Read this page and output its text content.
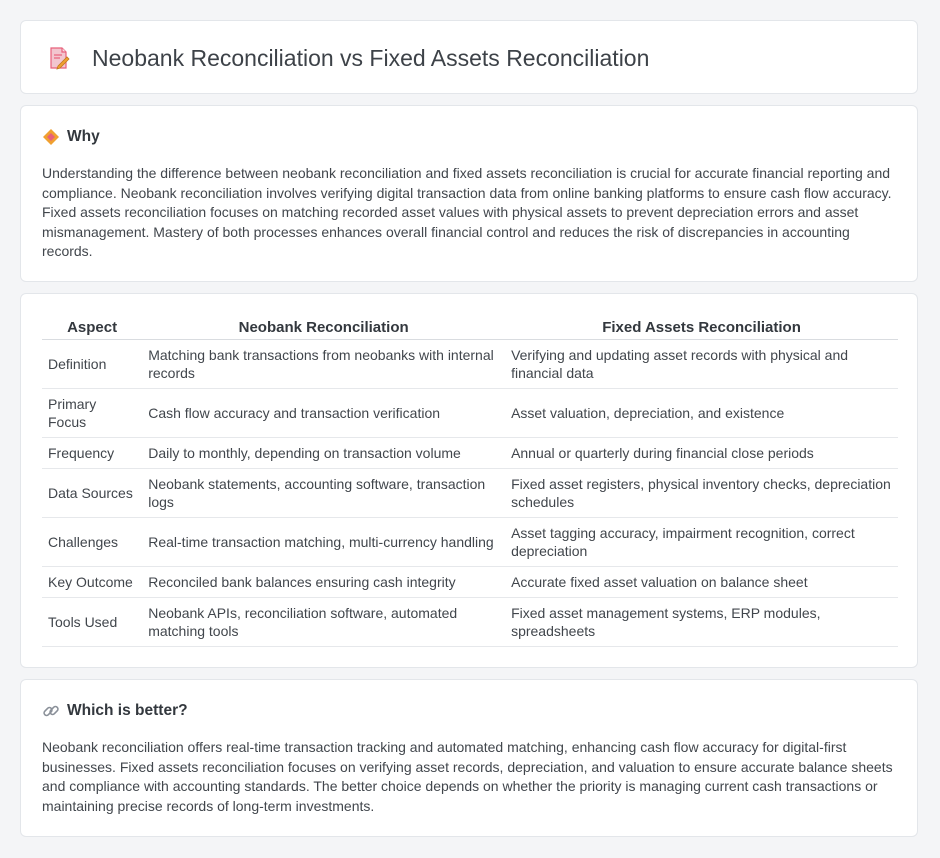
Neobank Reconciliation vs Fixed Assets Reconciliation
Why

Understanding the difference between neobank reconciliation and fixed assets reconciliation is crucial for accurate financial reporting and compliance. Neobank reconciliation involves verifying digital transaction data from online banking platforms to ensure cash flow accuracy. Fixed assets reconciliation focuses on matching recorded asset values with physical assets to prevent depreciation errors and asset mismanagement. Mastery of both processes enhances overall financial control and reduces the risk of discrepancies in accounting records.

Aspect	Neobank Reconciliation	Fixed Assets Reconciliation
Definition	Matching bank transactions from neobanks with internal records	Verifying and updating asset records with physical and financial data
Primary Focus	Cash flow accuracy and transaction verification	Asset valuation, depreciation, and existence
Frequency	Daily to monthly, depending on transaction volume	Annual or quarterly during financial close periods
Data Sources	Neobank statements, accounting software, transaction logs	Fixed asset registers, physical inventory checks, depreciation schedules
Challenges	Real-time transaction matching, multi-currency handling	Asset tagging accuracy, impairment recognition, correct depreciation
Key Outcome	Reconciled bank balances ensuring cash integrity	Accurate fixed asset valuation on balance sheet
Tools Used	Neobank APIs, reconciliation software, automated matching tools	Fixed asset management systems, ERP modules, spreadsheets
Which is better?

Neobank reconciliation offers real-time transaction tracking and automated matching, enhancing cash flow accuracy for digital-first businesses. Fixed assets reconciliation focuses on verifying asset records, depreciation, and valuation to ensure accurate balance sheets and compliance with accounting standards. The better choice depends on whether the priority is managing current cash transactions or maintaining precise records of long-term investments.
